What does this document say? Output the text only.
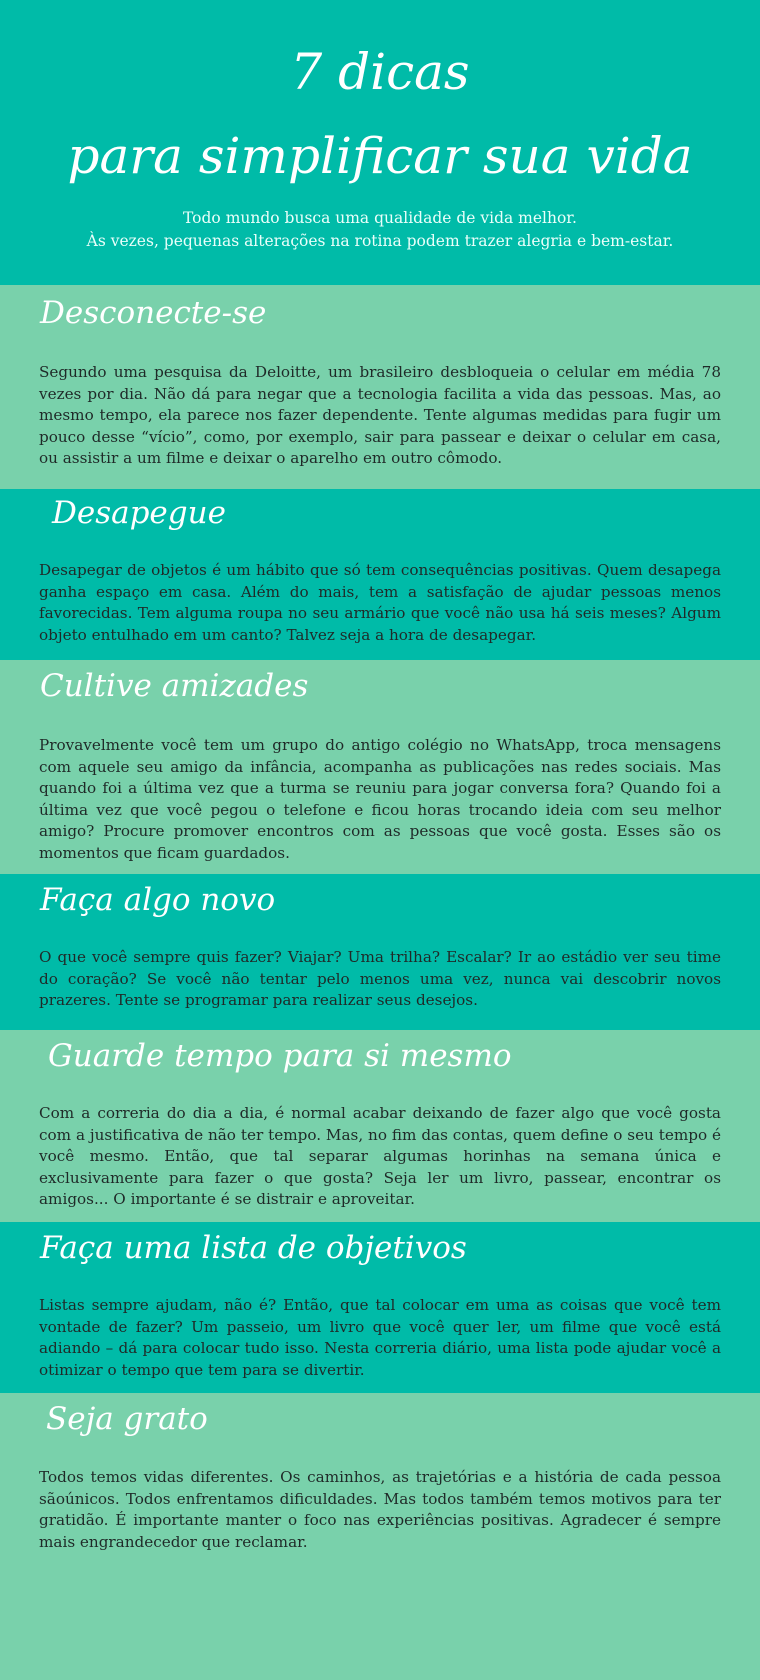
7 dicas
para simplificar sua vida
Todo mundo busca uma qualidade de vida melhor.
Às vezes, pequenas alterações na rotina podem trazer alegria e bem-estar.
Desconecte-se

Segundo uma pesquisa da Deloitte, um brasileiro desbloqueia o celular em média 78 vezes por dia. Não dá para negar que a tecnologia facilita a vida das pessoas. Mas, ao mesmo tempo, ela parece nos fazer dependente. Tente algumas medidas para fugir um pouco desse “vício”, como, por exemplo, sair para passear e deixar o celular em casa, ou assistir a um filme e deixar o aparelho em outro cômodo.

Desapegue

Desapegar de objetos é um hábito que só tem consequências positivas. Quem desapega ganha espaço em casa. Além do mais, tem a satisfação de ajudar pessoas menos favorecidas. Tem alguma roupa no seu armário que você não usa há seis meses? Algum objeto entulhado em um canto? Talvez seja a hora de desapegar.

Cultive amizades

Provavelmente você tem um grupo do antigo colégio no WhatsApp, troca mensagens com aquele seu amigo da infância, acompanha as publicações nas redes sociais. Mas quando foi a última vez que a turma se reuniu para jogar conversa fora? Quando foi a última vez que você pegou o telefone e ficou horas trocando ideia com seu melhor amigo? Procure promover encontros com as pessoas que você gosta. Esses são os momentos que ficam guardados.

Faça algo novo

O que você sempre quis fazer? Viajar? Uma trilha? Escalar? Ir ao estádio ver seu time do coração? Se você não tentar pelo menos uma vez, nunca vai descobrir novos prazeres. Tente se programar para realizar seus desejos.

Guarde tempo para si mesmo

Com a correria do dia a dia, é normal acabar deixando de fazer algo que você gosta com a justificativa de não ter tempo. Mas, no fim das contas, quem define o seu tempo é você mesmo. Então, que tal separar algumas horinhas na semana única e exclusivamente para fazer o que gosta? Seja ler um livro, passear, encontrar os amigos... O importante é se distrair e aproveitar.

Faça uma lista de objetivos

Listas sempre ajudam, não é? Então, que tal colocar em uma as coisas que você tem vontade de fazer? Um passeio, um livro que você quer ler, um filme que você está adiando – dá para colocar tudo isso. Nesta correria diário, uma lista pode ajudar você a otimizar o tempo que tem para se divertir.

Seja grato

Todos temos vidas diferentes. Os caminhos, as trajetórias e a história de cada pessoa sãoúnicos. Todos enfrentamos dificuldades. Mas todos também temos motivos para ter gratidão. É importante manter o foco nas experiências positivas. Agradecer é sempre mais engrandecedor que reclamar.
